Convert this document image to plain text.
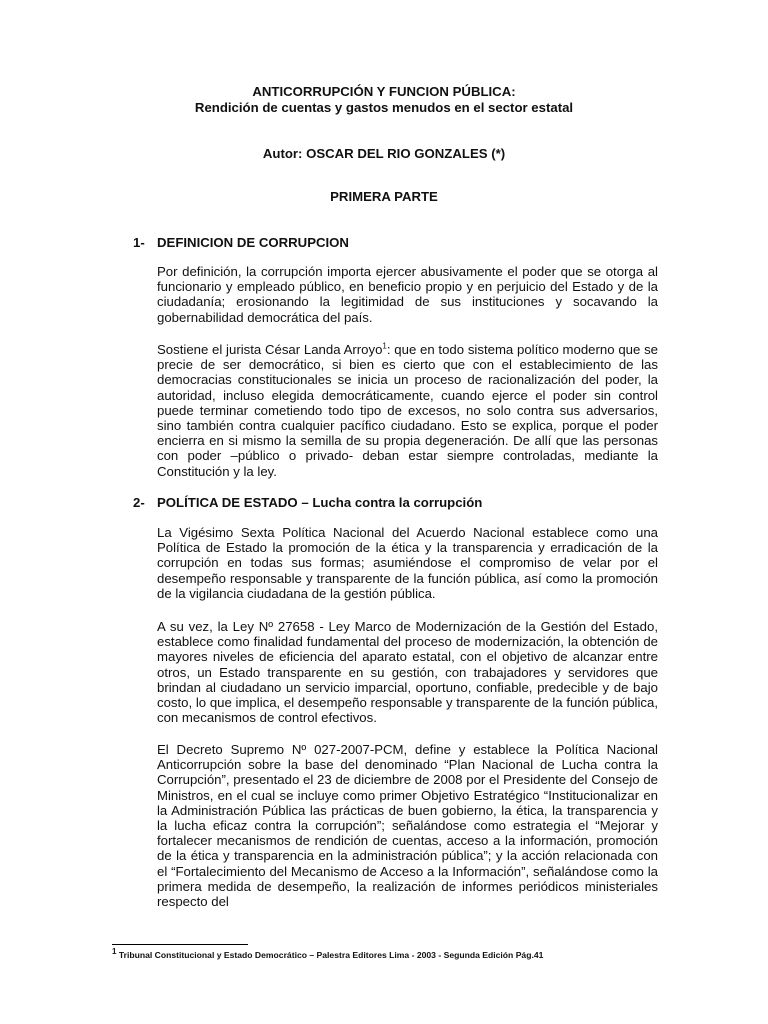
ANTICORRUPCIÓN Y FUNCION PÚBLICA:

Rendición de cuentas y gastos menudos en el sector estatal

Autor: OSCAR DEL RIO GONZALES (*)

PRIMERA PARTE

1- DEFINICION DE CORRUPCION

Por definición, la corrupción importa ejercer abusivamente el poder que se otorga al funcionario y empleado público, en beneficio propio y en perjuicio del Estado y de la ciudadanía; erosionando la legitimidad de sus instituciones y socavando la gobernabilidad democrática del país.

Sostiene el jurista César Landa Arroyo$^1$: que en todo sistema político moderno que se precie de ser democrático, si bien es cierto que con el establecimiento de las democracias constitucionales se inicia un proceso de racionalización del poder, la autoridad, incluso elegida democráticamente, cuando ejerce el poder sin control puede terminar cometiendo todo tipo de excesos, no solo contra sus adversarios, sino también contra cualquier pacífico ciudadano. Esto se explica, porque el poder encierra en si mismo la semilla de su propia degeneración. De allí que las personas con poder –público o privado- deban estar siempre controladas, mediante la Constitución y la ley.

2- POLÍTICA DE ESTADO – Lucha contra la corrupción

La Vigésimo Sexta Política Nacional del Acuerdo Nacional establece como una Política de Estado la promoción de la ética y la transparencia y erradicación de la corrupción en todas sus formas; asumiéndose el compromiso de velar por el desempeño responsable y transparente de la función pública, así como la promoción de la vigilancia ciudadana de la gestión pública.

A su vez, la Ley Nº 27658 - Ley Marco de Modernización de la Gestión del Estado, establece como finalidad fundamental del proceso de modernización, la obtención de mayores niveles de eficiencia del aparato estatal, con el objetivo de alcanzar entre otros, un Estado transparente en su gestión, con trabajadores y servidores que brindan al ciudadano un servicio imparcial, oportuno, confiable, predecible y de bajo costo, lo que implica, el desempeño responsable y transparente de la función pública, con mecanismos de control efectivos.

El Decreto Supremo Nº 027-2007-PCM, define y establece la Política Nacional Anticorrupción sobre la base del denominado “Plan Nacional de Lucha contra la Corrupción”, presentado el 23 de diciembre de 2008 por el Presidente del Consejo de Ministros, en el cual se incluye como primer Objetivo Estratégico “Institucionalizar en la Administración Pública las prácticas de buen gobierno, la ética, la transparencia y la lucha eficaz contra la corrupción”; señalándose como estrategia el “Mejorar y fortalecer mecanismos de rendición de cuentas, acceso a la información, promoción de la ética y transparencia en la administración pública”; y la acción relacionada con el “Fortalecimiento del Mecanismo de Acceso a la Información”, señalándose como la primera medida de desempeño, la realización de informes periódicos ministeriales respecto del

$^1$ Tribunal Constitucional y Estado Democrático – Palestra Editores Lima - 2003 - Segunda Edición Pág.41
